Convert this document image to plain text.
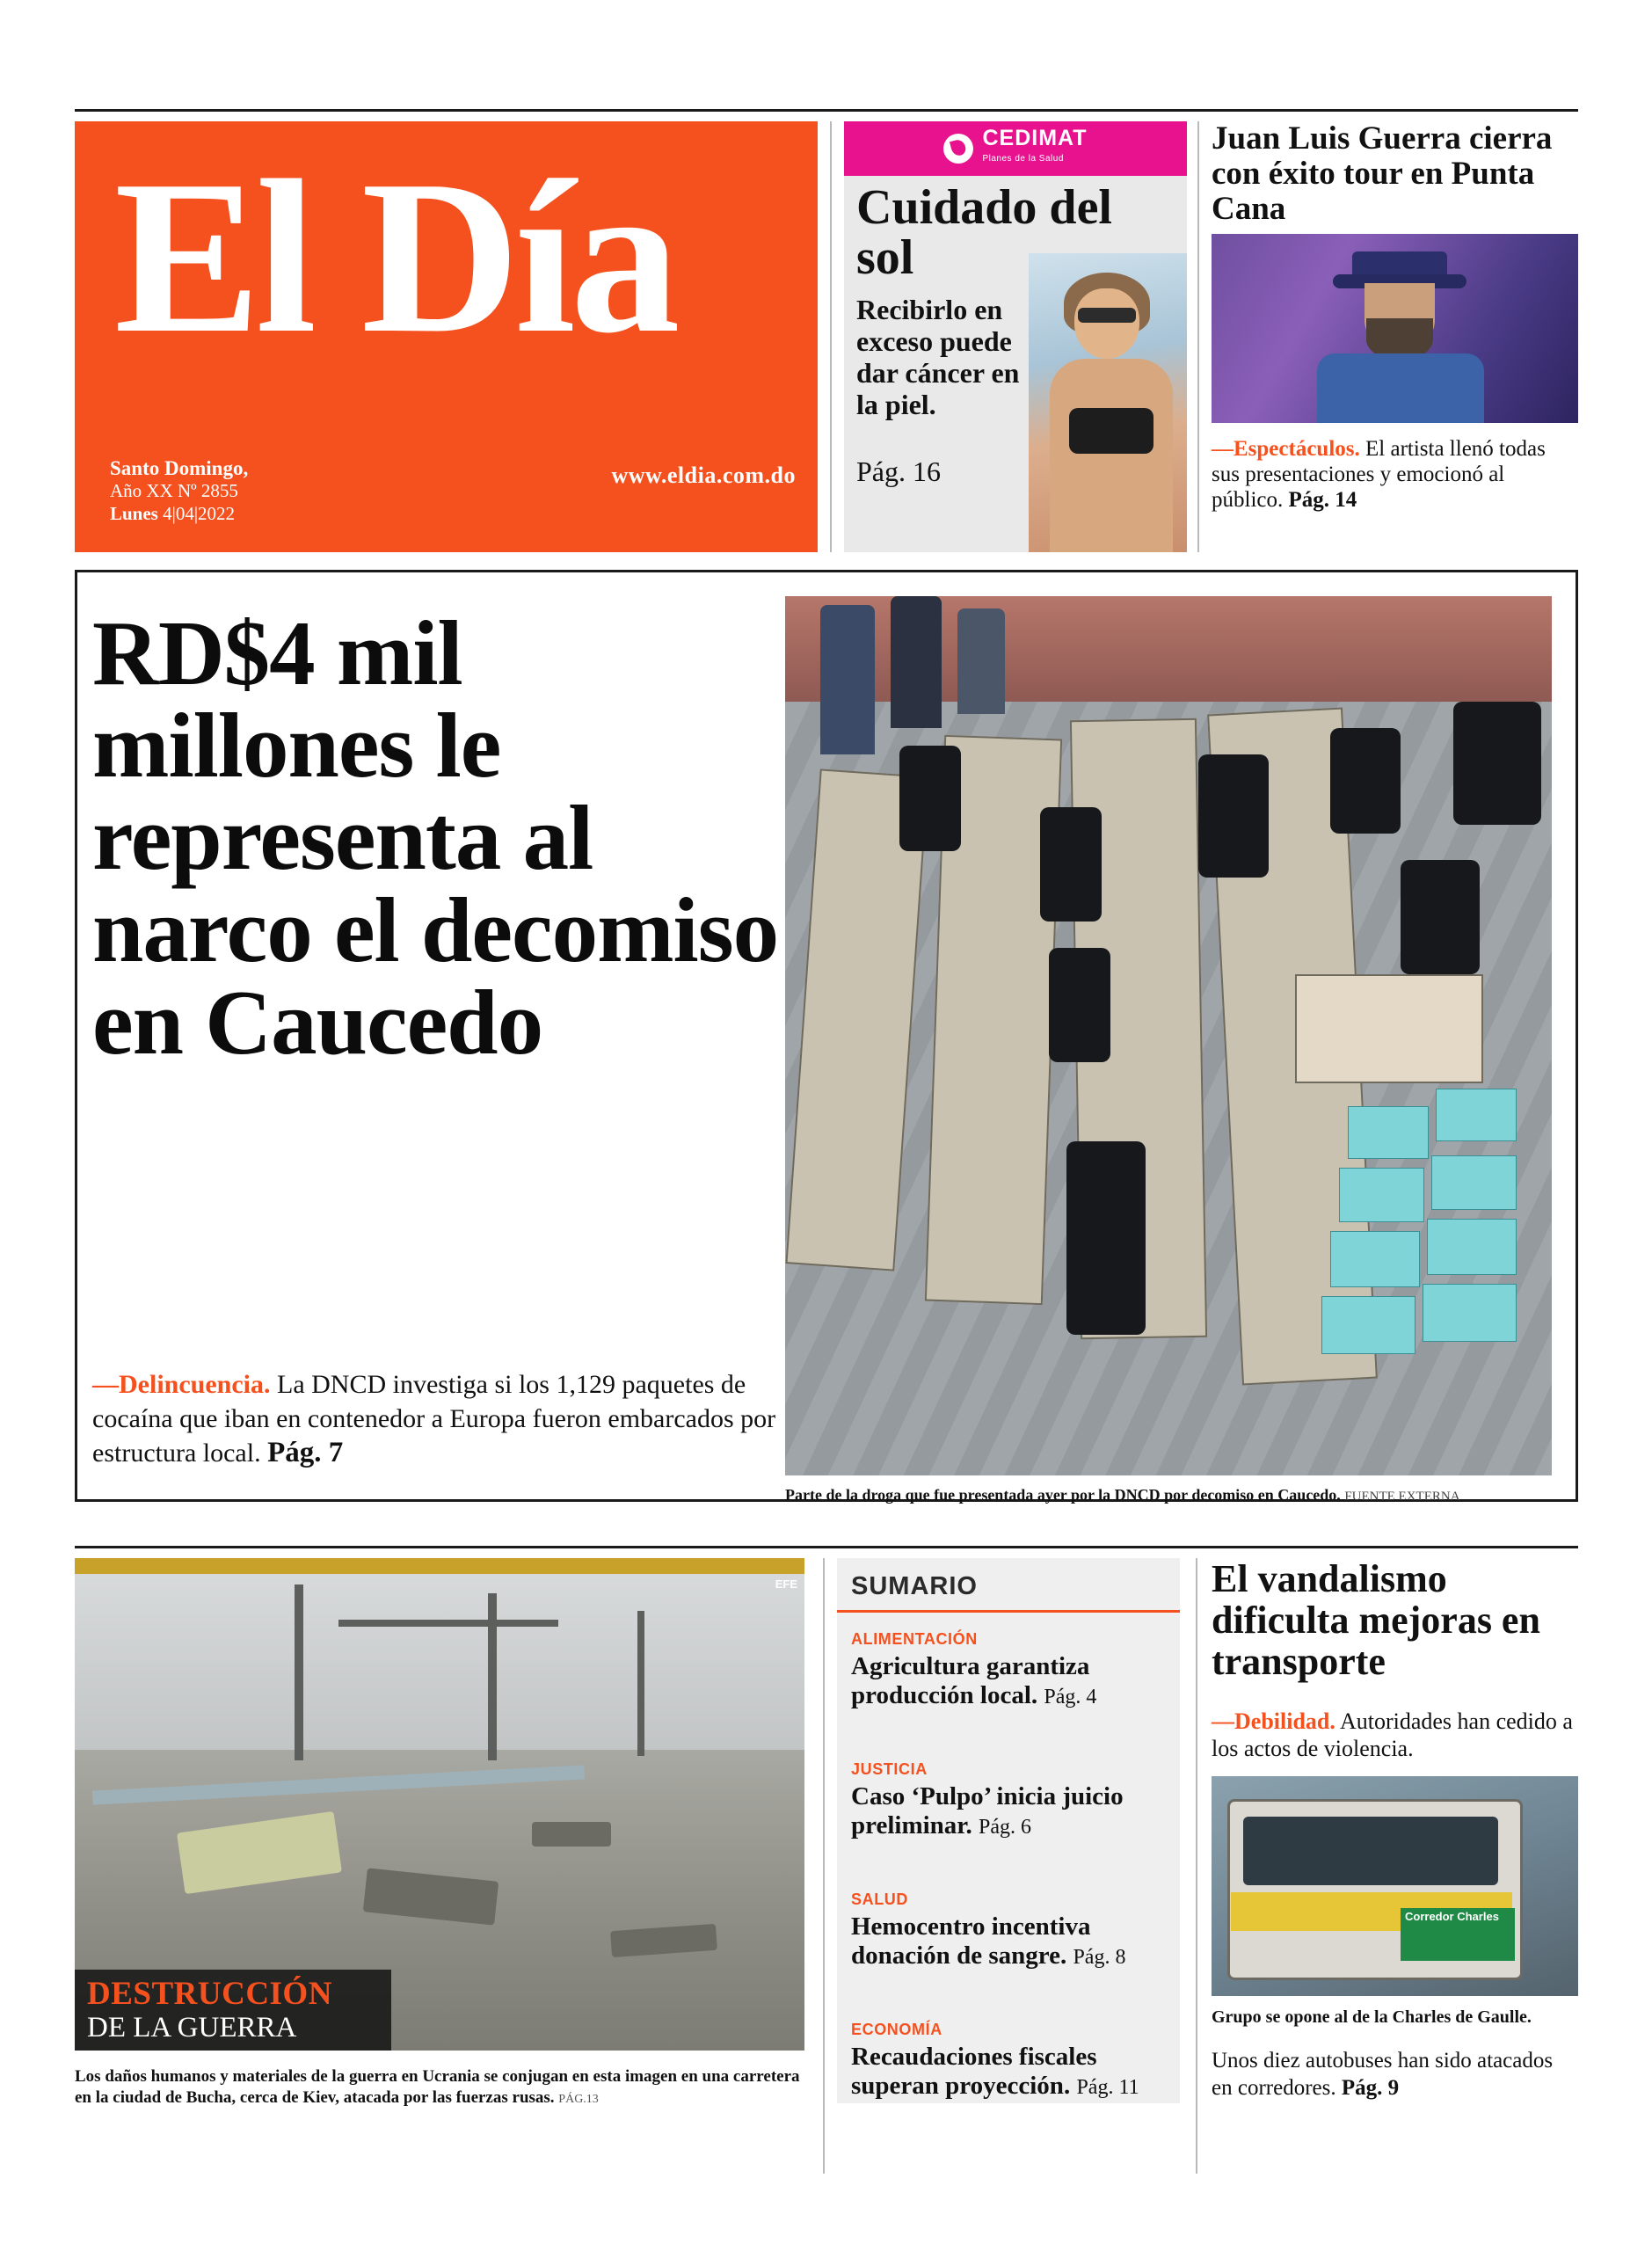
El Día
www.eldia.com.do
Santo Domingo,
Año XX Nº 2855
Lunes 4|04|2022
CEDIMAT
Planes de la Salud
Cuidado del sol
Recibirlo en exceso puede dar cáncer en la piel.
Pág. 16
Juan Luis Guerra cierra con éxito tour en Punta Cana
—Espectáculos. El artista llenó todas sus presentaciones y emocionó al público. Pág. 14
RD$4 mil millones le representa al narco el decomiso en Caucedo
—Delincuencia. La DNCD investiga si los 1,129 paquetes de cocaína que iban en contenedor a Europa fueron embarcados por estructura local. Pág. 7
Parte de la droga que fue presentada ayer por la DNCD por decomiso en Caucedo. FUENTE EXTERNA
EFE
DESTRUCCIÓN
DE LA GUERRA
Los daños humanos y materiales de la guerra en Ucrania se conjugan en esta imagen en una carretera en la ciudad de Bucha, cerca de Kiev, atacada por las fuerzas rusas. PÁG.13
SUMARIO
ALIMENTACIÓN
Agricultura garantiza producción local. Pág. 4
JUSTICIA
Caso ‘Pulpo’ inicia juicio preliminar. Pág. 6
SALUD
Hemocentro incentiva donación de sangre. Pág. 8
ECONOMÍA
Recaudaciones fiscales superan proyección. Pág. 11
El vandalismo dificulta mejoras en transporte
—Debilidad. Autoridades han cedido a los actos de violencia.
Corredor Charles
Grupo se opone al de la Charles de Gaulle.
Unos diez autobuses han sido atacados en corredores. Pág. 9
